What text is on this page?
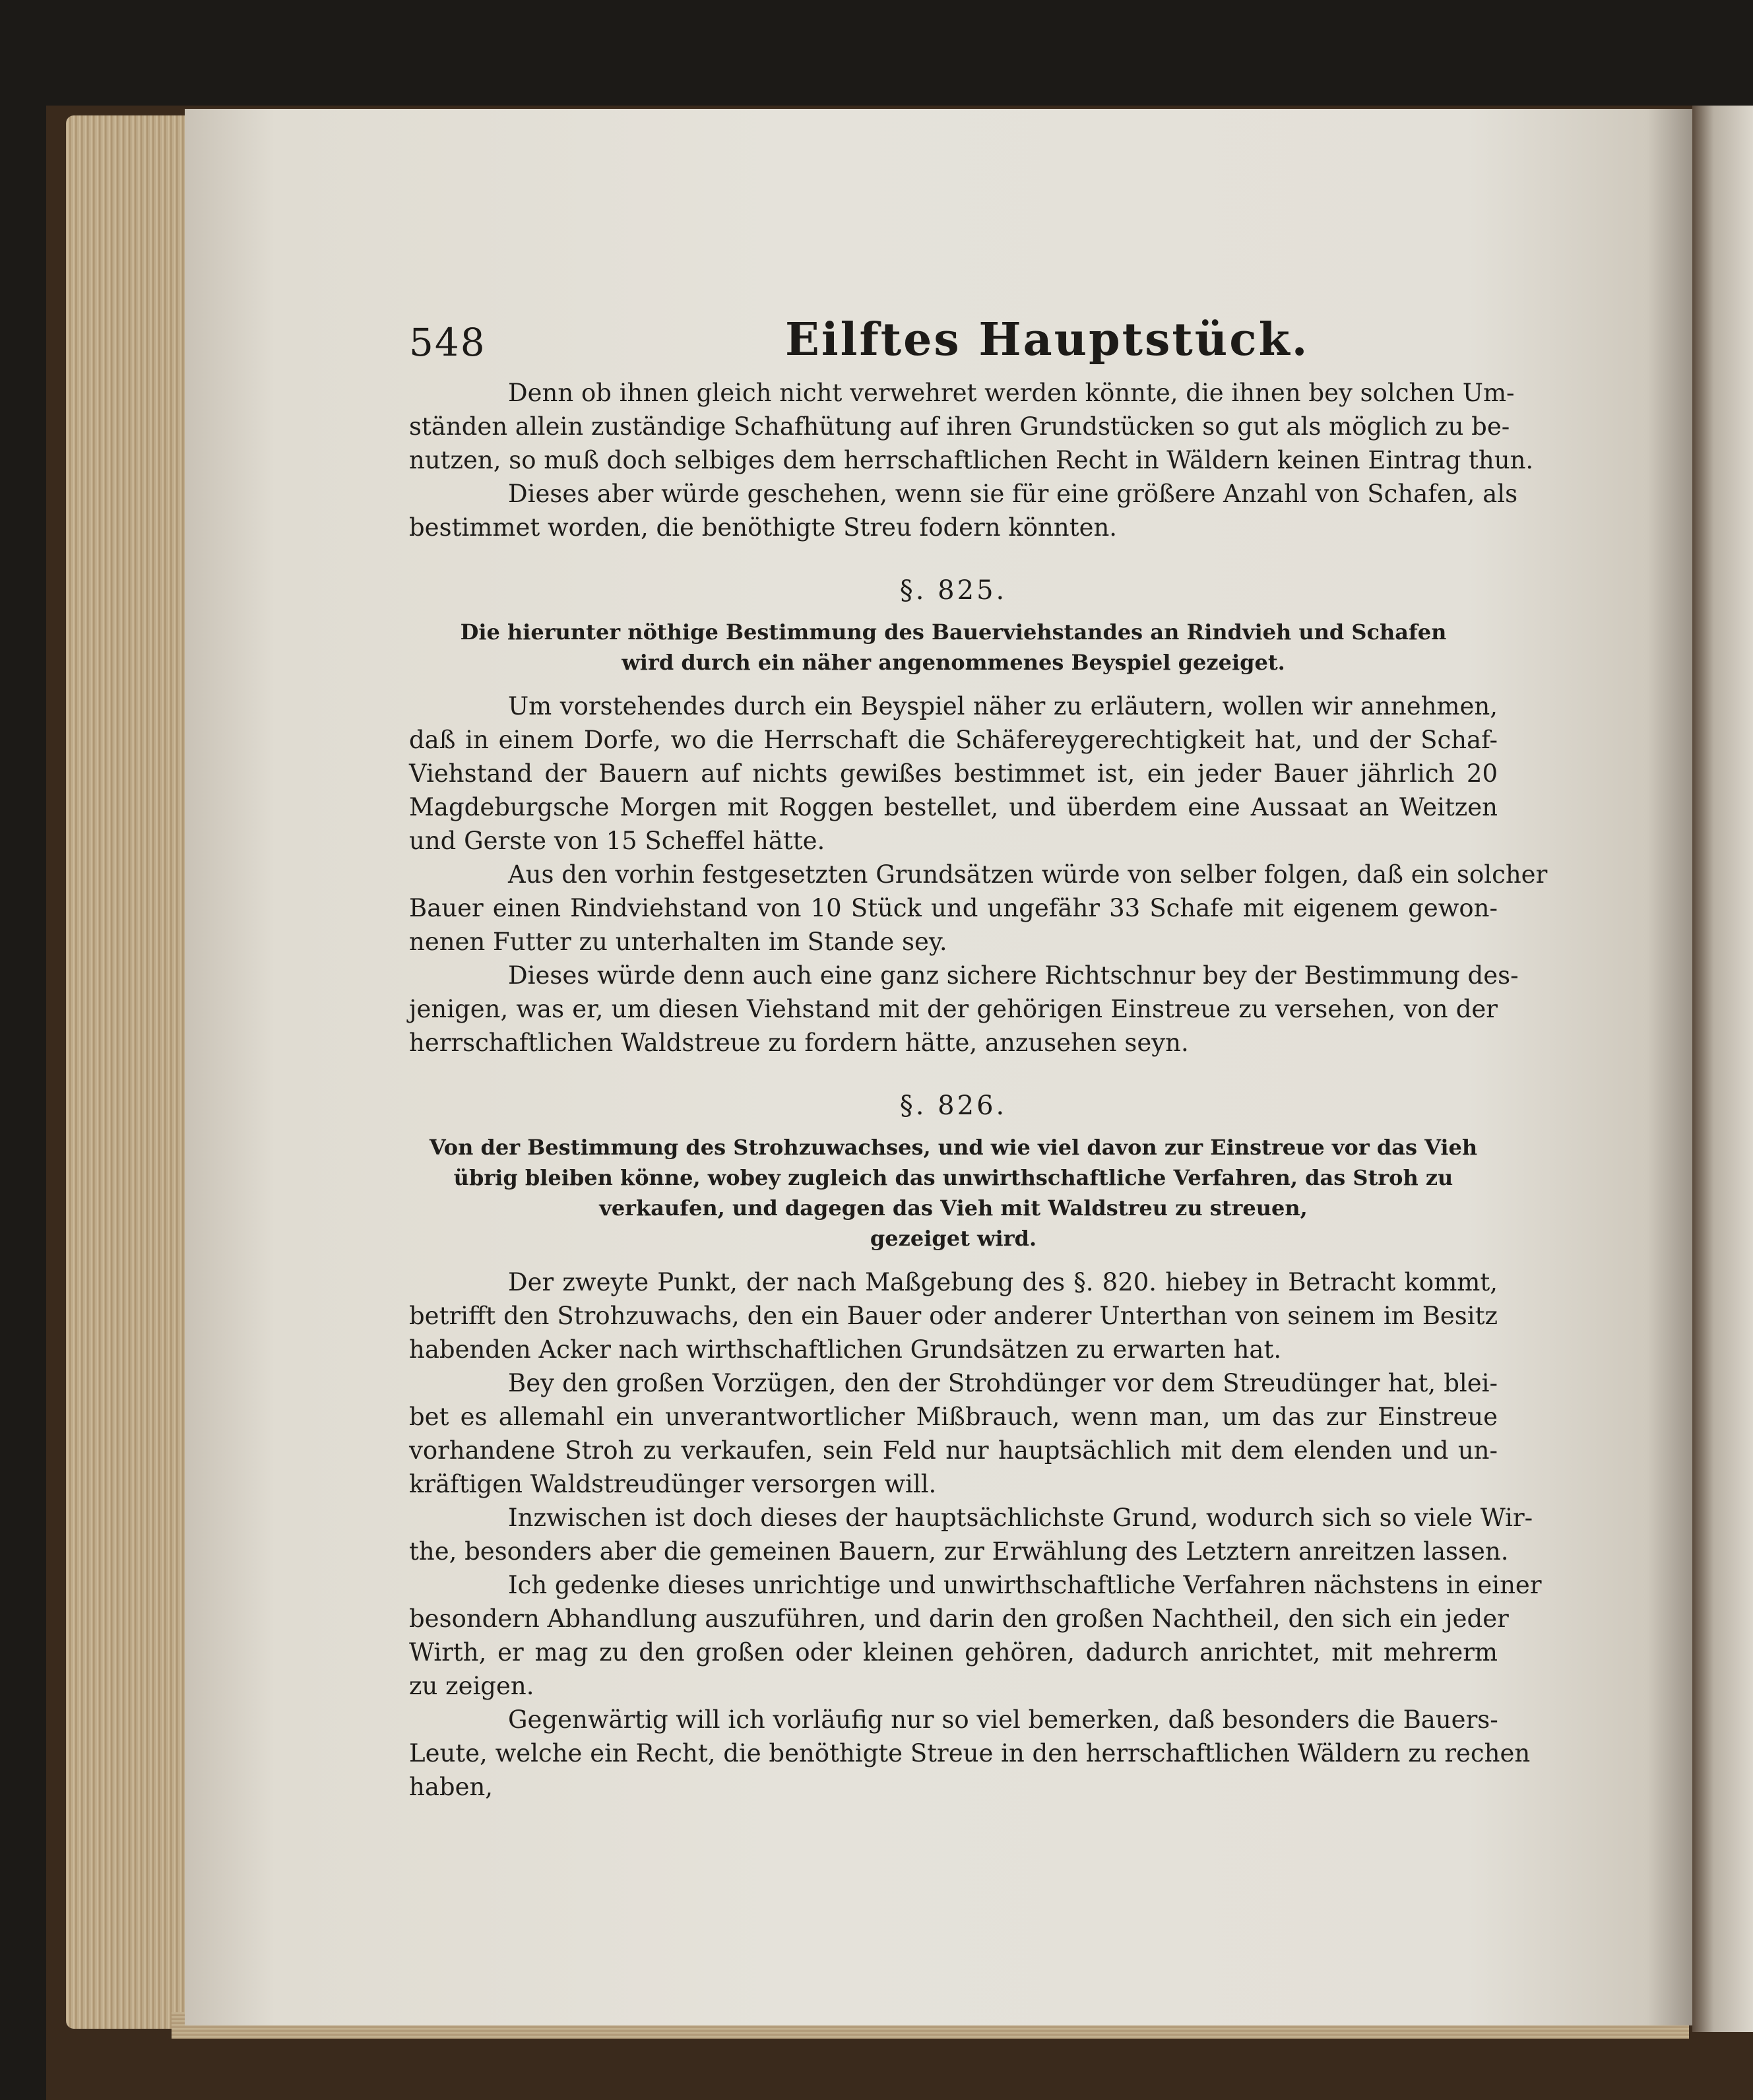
548	Eilftes Hauptstück.
Denn ob ihnen gleich nicht verwehret werden könnte, die ihnen bey solchen Um-
ständen allein zuständige Schafhütung auf ihren Grundstücken so gut als möglich zu be-
nutzen, so muß doch selbiges dem herrschaftlichen Recht in Wäldern keinen Eintrag thun.
Dieses aber würde geschehen, wenn sie für eine größere Anzahl von Schafen, als
bestimmet worden, die benöthigte Streu fodern könnten.
§. 825.
Die hierunter nöthige Bestimmung des Bauerviehstandes an Rindvieh und Schafen
wird durch ein näher angenommenes Beyspiel gezeiget.
Um vorstehendes durch ein Beyspiel näher zu erläutern, wollen wir annehmen,
daß in einem Dorfe, wo die Herrschaft die Schäfereygerechtigkeit hat, und der Schaf-
Viehstand der Bauern auf nichts gewißes bestimmet ist, ein jeder Bauer jährlich 20
Magdeburgsche Morgen mit Roggen bestellet, und überdem eine Aussaat an Weitzen
und Gerste von 15 Scheffel hätte.
Aus den vorhin festgesetzten Grundsätzen würde von selber folgen, daß ein solcher
Bauer einen Rindviehstand von 10 Stück und ungefähr 33 Schafe mit eigenem gewon-
nenen Futter zu unterhalten im Stande sey.
Dieses würde denn auch eine ganz sichere Richtschnur bey der Bestimmung des-
jenigen, was er, um diesen Viehstand mit der gehörigen Einstreue zu versehen, von der
herrschaftlichen Waldstreue zu fordern hätte, anzusehen seyn.
§. 826.
Von der Bestimmung des Strohzuwachses, und wie viel davon zur Einstreue vor das Vieh
übrig bleiben könne, wobey zugleich das unwirthschaftliche Verfahren, das Stroh zu
verkaufen, und dagegen das Vieh mit Waldstreu zu streuen,
gezeiget wird.
Der zweyte Punkt, der nach Maßgebung des §. 820. hiebey in Betracht kommt,
betrifft den Strohzuwachs, den ein Bauer oder anderer Unterthan von seinem im Besitz
habenden Acker nach wirthschaftlichen Grundsätzen zu erwarten hat.
Bey den großen Vorzügen, den der Strohdünger vor dem Streudünger hat, blei-
bet es allemahl ein unverantwortlicher Mißbrauch, wenn man, um das zur Einstreue
vorhandene Stroh zu verkaufen, sein Feld nur hauptsächlich mit dem elenden und un-
kräftigen Waldstreudünger versorgen will.
Inzwischen ist doch dieses der hauptsächlichste Grund, wodurch sich so viele Wir-
the, besonders aber die gemeinen Bauern, zur Erwählung des Letztern anreitzen lassen.
Ich gedenke dieses unrichtige und unwirthschaftliche Verfahren nächstens in einer
besondern Abhandlung auszuführen, und darin den großen Nachtheil, den sich ein jeder
Wirth, er mag zu den großen oder kleinen gehören, dadurch anrichtet, mit mehrerm
zu zeigen.
Gegenwärtig will ich vorläufig nur so viel bemerken, daß besonders die Bauers-
Leute, welche ein Recht, die benöthigte Streue in den herrschaftlichen Wäldern zu rechen
haben,
